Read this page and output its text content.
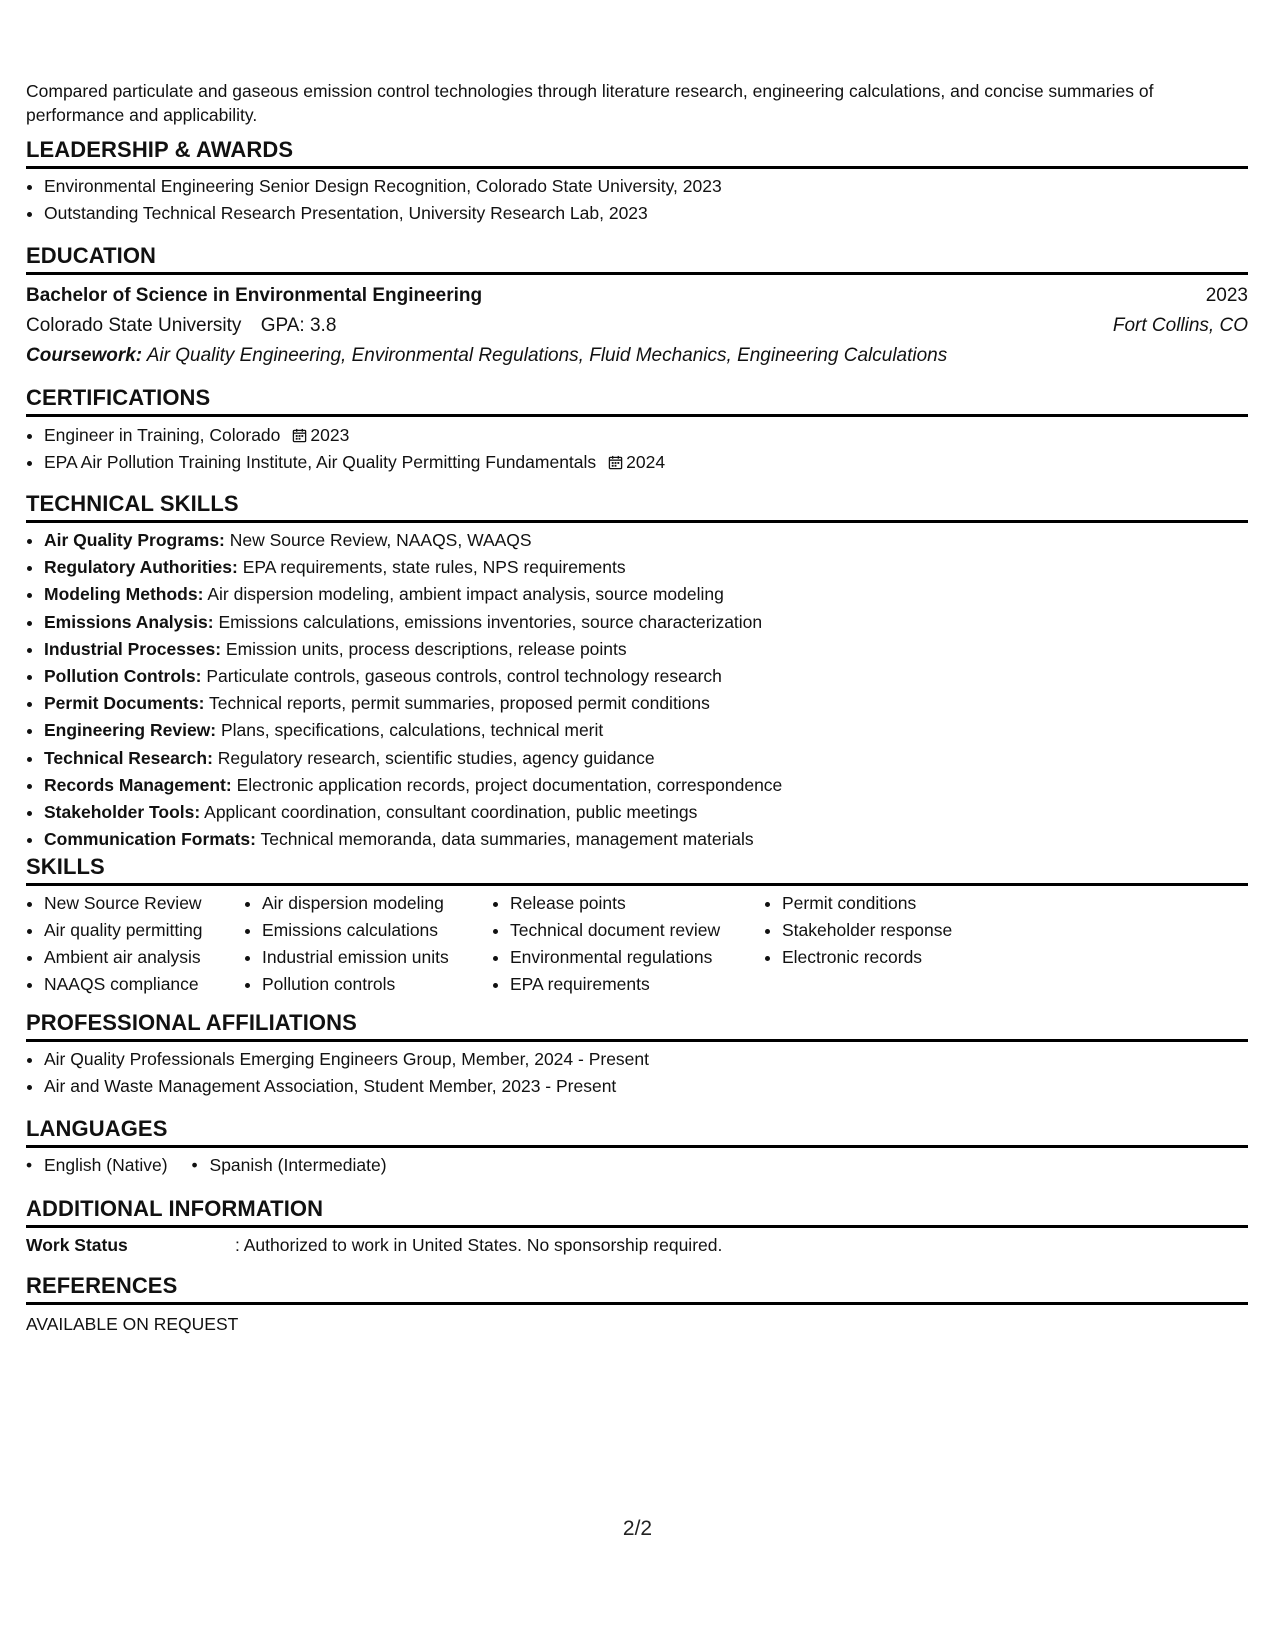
Compared particulate and gaseous emission control technologies through literature research, engineering calculations, and concise summaries of performance and applicability.

LEADERSHIP & AWARDS
• Environmental Engineering Senior Design Recognition, Colorado State University, 2023
• Outstanding Technical Research Presentation, University Research Lab, 2023
EDUCATION
Bachelor of Science in Environmental Engineering	2023
Colorado State University GPA: 3.8	Fort Collins, CO
Coursework: Air Quality Engineering, Environmental Regulations, Fluid Mechanics, Engineering Calculations
CERTIFICATIONS
• Engineer in Training, Colorado 2023
• EPA Air Pollution Training Institute, Air Quality Permitting Fundamentals 2024
TECHNICAL SKILLS
• Air Quality Programs: New Source Review, NAAQS, WAAQS
• Regulatory Authorities: EPA requirements, state rules, NPS requirements
• Modeling Methods: Air dispersion modeling, ambient impact analysis, source modeling
• Emissions Analysis: Emissions calculations, emissions inventories, source characterization
• Industrial Processes: Emission units, process descriptions, release points
• Pollution Controls: Particulate controls, gaseous controls, control technology research
• Permit Documents: Technical reports, permit summaries, proposed permit conditions
• Engineering Review: Plans, specifications, calculations, technical merit
• Technical Research: Regulatory research, scientific studies, agency guidance
• Records Management: Electronic application records, project documentation, correspondence
• Stakeholder Tools: Applicant coordination, consultant coordination, public meetings
• Communication Formats: Technical memoranda, data summaries, management materials
SKILLS
• New Source Review
• Air quality permitting
• Ambient air analysis
• NAAQS compliance
• Air dispersion modeling
• Emissions calculations
• Industrial emission units
• Pollution controls
• Release points
• Technical document review
• Environmental regulations
• EPA requirements
• Permit conditions
• Stakeholder response
• Electronic records
PROFESSIONAL AFFILIATIONS
• Air Quality Professionals Emerging Engineers Group, Member, 2024 - Present
• Air and Waste Management Association, Student Member, 2023 - Present
LANGUAGES
• English (Native)
•	Spanish (Intermediate)
ADDITIONAL INFORMATION
Work Status	: Authorized to work in United States. No sponsorship required.
REFERENCES
AVAILABLE ON REQUEST
2/2
